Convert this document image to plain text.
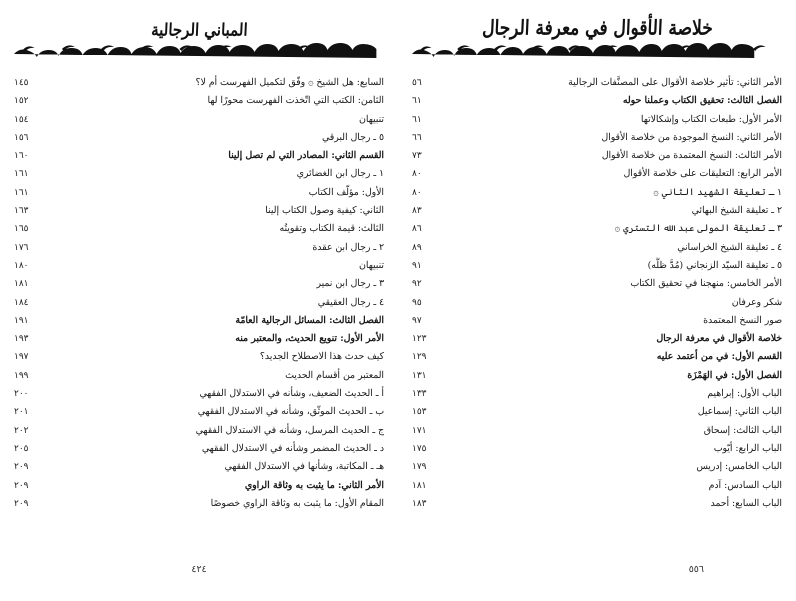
خلاصة الأقوال في معرفة الرجال
الأمر الثاني: تأثير خلاصة الأقوال على المصنَّفات الرجالية
٥٦
الفصل الثالث: تحقيق الكتاب وعملنا حوله
٦١
الأمر الأول: طبعات الكتاب وإشكالاتها
٦١
الأمر الثاني: النسخ الموجودة من خلاصة الأقوال
٦٦
الأمر الثالث: النسخ المعتمدة من خلاصة الأقوال
٧٣
الأمر الرابع: التعليقات على خلاصة الأقوال
٨٠
١ ـ تعليقة الشهيد الثاني ۞
٨٠
٢ ـ تعليقة الشيخ البهائي
٨٣
٣ ـ تعليقة المولى عبد الله التستري ۞
٨٦
٤ ـ تعليقة الشيخ الخراساني
٨٩
٥ ـ تعليقة السيّد الزنجاني (مُدَّ ظلُّه)
٩١
الأمر الخامس: منهجنا في تحقيق الكتاب
٩٢
شكر وعرفان
٩٥
صور النسخ المعتمدة
٩٧
خلاصة الأقوال في معرفة الرجال
١٢٣
القسم الأول: في من أعتمد عليه
١٢٩
الفصل الأول: في الهَمْزَة
١٣١
الباب الأول: إبراهيم
١٣٣
الباب الثاني: إسماعيل
١٥٣
الباب الثالث: إسحاق
١٧١
الباب الرابع: أيّوب
١٧٥
الباب الخامس: إدريس
١٧٩
الباب السادس: آدم
١٨١
الباب السابع: أحمد
١٨٣
٥٥٦
المباني الرجالية
السابع: هل الشيخ ۞ وفّق لتكميل الفهرست أم لا؟
١٤٥
الثامن: الكتب التي اتّخذت الفهرست محورًا لها
١٥٢
تنبيهان
١٥٤
٥ ـ رجال البرقي
١٥٦
القسم الثاني: المصادر التي لم تصل إلينا
١٦٠
١ ـ رجال ابن الغضائري
١٦١
الأول: مؤلّف الكتاب
١٦١
الثاني: كيفية وصول الكتاب إلينا
١٦٣
الثالث: قيمة الكتاب وتقويتُه
١٦٥
٢ ـ رجال ابن عقدة
١٧٦
تنبيهان
١٨٠
٣ ـ رجال ابن نمير
١٨١
٤ ـ رجال العقيقي
١٨٤
الفصل الثالث: المسائل الرجالية العامّة
١٩١
الأمر الأول: تنويع الحديث، والمعتبر منه
١٩٣
كيف حدث هذا الاصطلاح الجديد؟
١٩٧
المعتبر من أقسام الحديث
١٩٩
أ ـ الحديث الضعيف، وشأنه في الاستدلال الفقهي
٢٠٠
ب ـ الحديث الموثّق، وشأنه في الاستدلال الفقهي
٢٠١
ج ـ الحديث المرسل، وشأنه في الاستدلال الفقهي
٢٠٢
د ـ الحديث المضمر وشأنه في الاستدلال الفقهي
٢٠٥
هـ ـ المكاتبة، وشأنها في الاستدلال الفقهي
٢٠٩
الأمر الثاني: ما يثبت به وثاقة الراوي
٢٠٩
المقام الأول: ما يثبت به وثاقة الراوي خصوصًا
٢٠٩
٤٢٤
